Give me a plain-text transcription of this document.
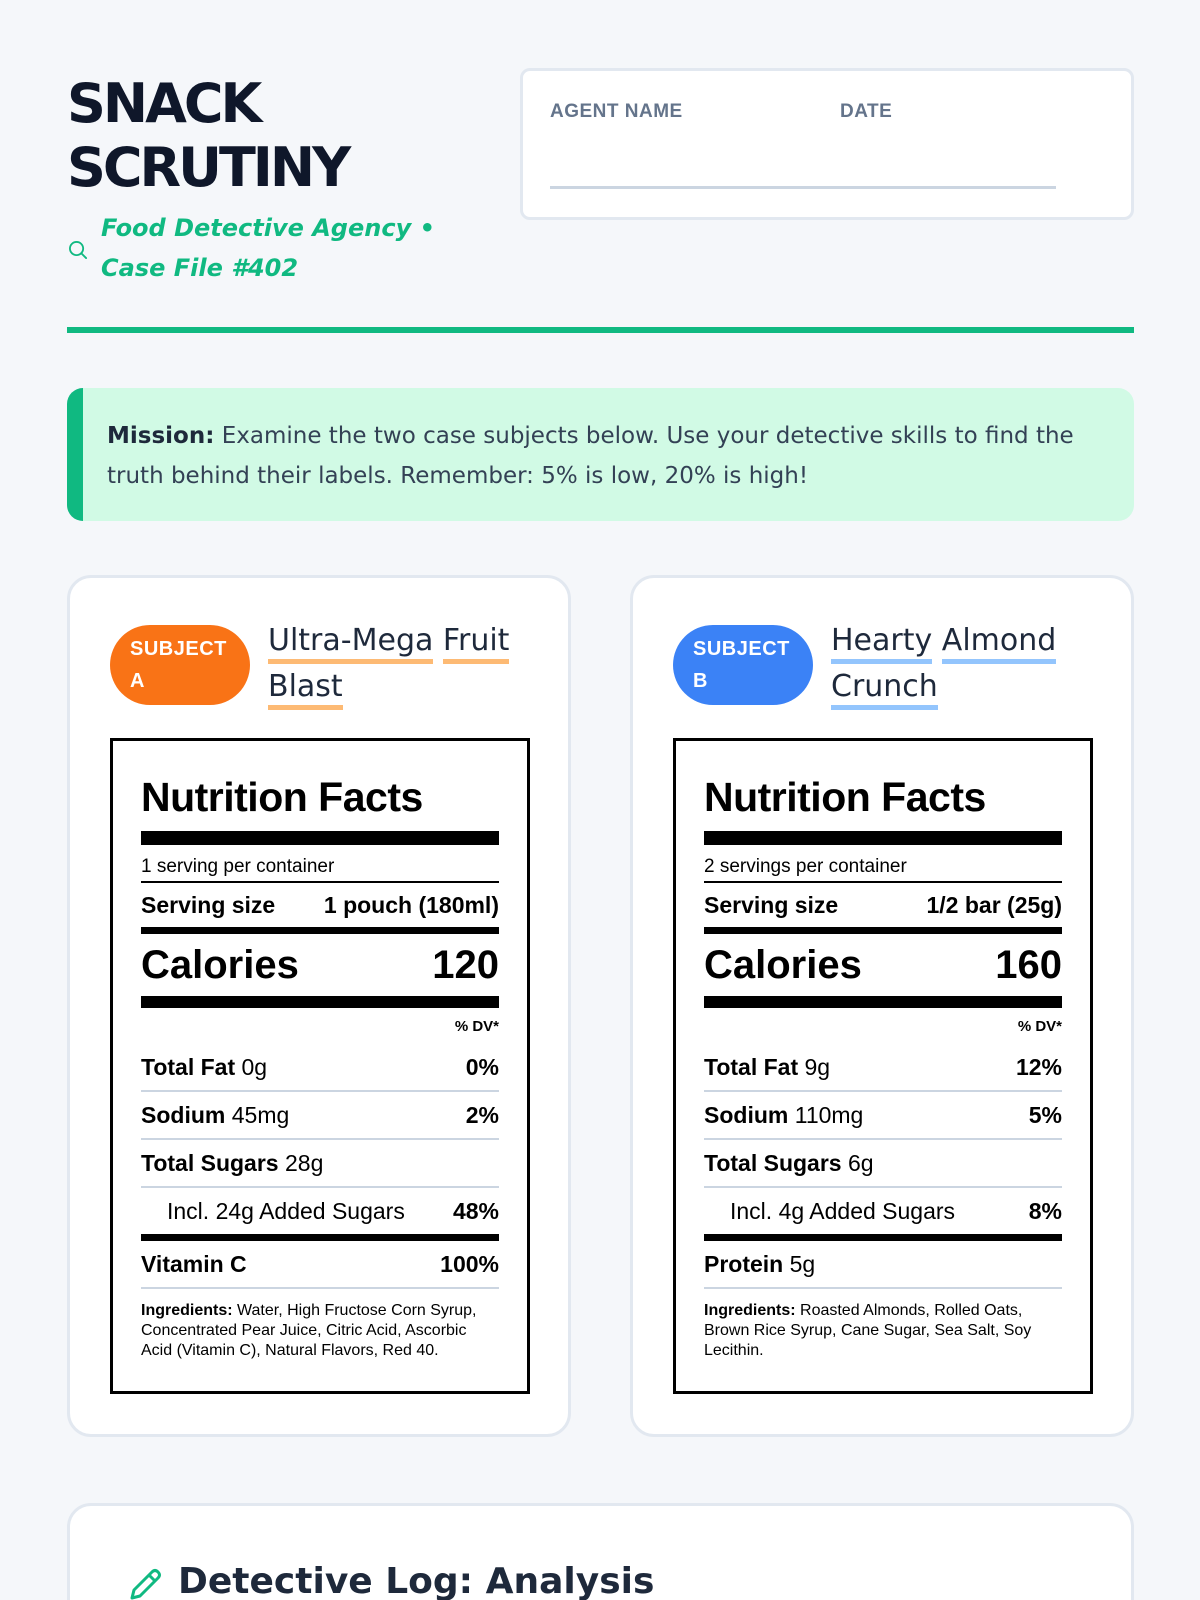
SNACK
SCRUTINY
Food Detective Agency • Case File #402
AGENT NAME	DATE
Mission: Examine the two case subjects below. Use your detective skills to find the truth behind their labels. Remember: 5% is low, 20% is high!
SUBJECT
A
Ultra-Mega Fruit
Blast
Nutrition Facts
1 serving per container
Serving size 1 pouch (180ml)
Calories	120
% DV*
Total Fat 0g	0%
Sodium 45mg	2%
Total Sugars 28g
Incl. 24g Added Sugars 48%
Vitamin C	100%
Ingredients: Water, High Fructose Corn Syrup, Concentrated Pear Juice, Citric Acid, Ascorbic Acid (Vitamin C), Natural Flavors, Red 40.
SUBJECT
B
Hearty Almond
Crunch
Nutrition Facts
2 servings per container
Serving size	1/2 bar (25g)
Calories	160
% DV*
Total Fat 9g	12%
Sodium 110mg	5%
Total Sugars 6g
Incl. 4g Added Sugars	8%
Protein 5g
Ingredients: Roasted Almonds, Rolled Oats, Brown Rice Syrup, Cane Sugar, Sea Salt, Soy Lecithin.
Detective Log: Analysis
